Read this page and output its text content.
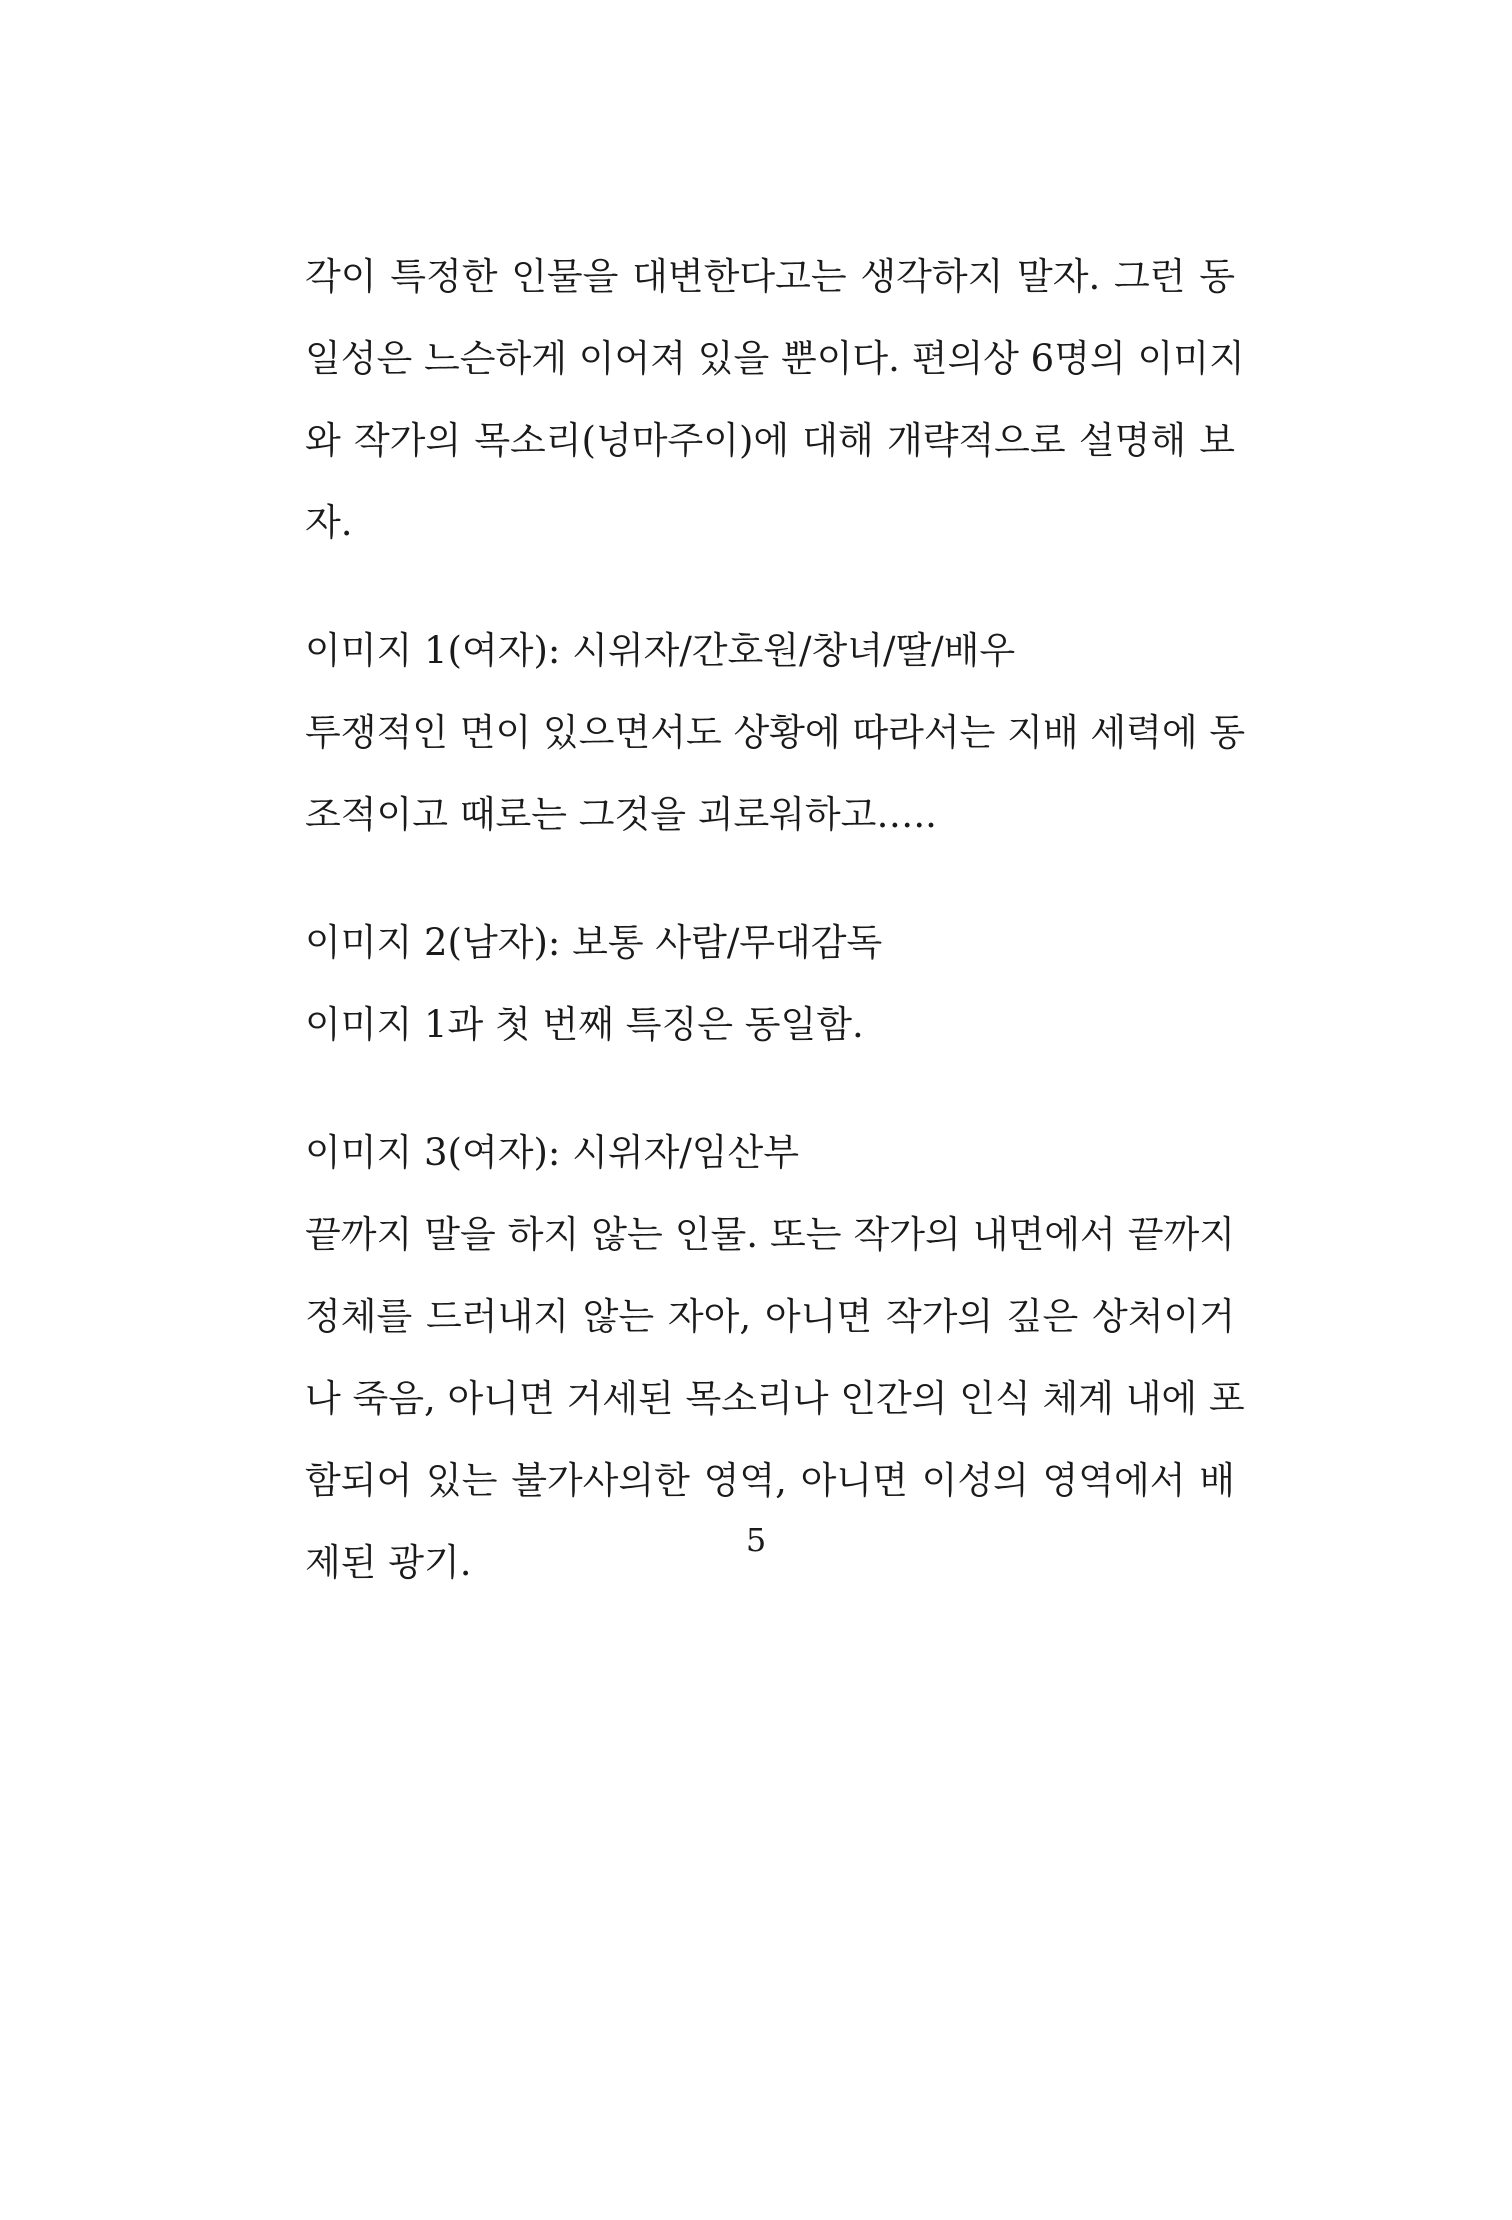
각이 특정한 인물을 대변한다고는 생각하지 말자. 그런 동
일성은 느슨하게 이어져 있을 뿐이다. 편의상 6명의 이미지
와 작가의 목소리(넝마주이)에 대해 개략적으로 설명해 보
자.
이미지 1(여자): 시위자/간호원/창녀/딸/배우
투쟁적인 면이 있으면서도 상황에 따라서는 지배 세력에 동
조적이고 때로는 그것을 괴로워하고…..
이미지 2(남자): 보통 사람/무대감독
이미지 1과 첫 번째 특징은 동일함.
이미지 3(여자): 시위자/임산부
끝까지 말을 하지 않는 인물. 또는 작가의 내면에서 끝까지
정체를 드러내지 않는 자아, 아니면 작가의 깊은 상처이거
나 죽음, 아니면 거세된 목소리나 인간의 인식 체계 내에 포
함되어 있는 불가사의한 영역, 아니면 이성의 영역에서 배
제된 광기.
5
